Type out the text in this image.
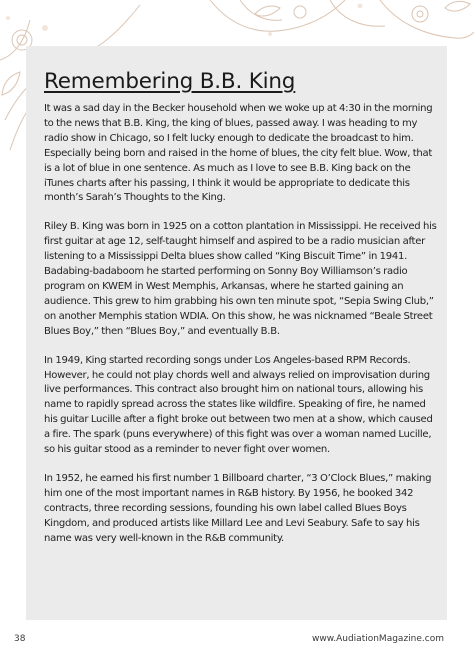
Remembering B.B. King

It was a sad day in the Becker household when we woke up at 4:30 in the morning to the news that B.B. King, the king of blues, passed away. I was heading to my radio show in Chicago, so I felt lucky enough to dedicate the broadcast to him. Especially being born and raised in the home of blues, the city felt blue. Wow, that is a lot of blue in one sentence. As much as I love to see B.B. King back on the iTunes charts after his passing, I think it would be appropriate to dedicate this month’s Sarah’s Thoughts to the King.

Riley B. King was born in 1925 on a cotton plantation in Mississippi. He received his first guitar at age 12, self-taught himself and aspired to be a radio musician after listening to a Mississippi Delta blues show called “King Biscuit Time” in 1941. Badabing-badaboom he started performing on Sonny Boy Williamson’s radio program on KWEM in West Memphis, Arkansas, where he started gaining an audience. This grew to him grabbing his own ten minute spot, “Sepia Swing Club,” on another Memphis station WDIA. On this show, he was nicknamed “Beale Street Blues Boy,” then “Blues Boy,” and eventually B.B.

In 1949, King started recording songs under Los Angeles-based RPM Records. However, he could not play chords well and always relied on improvisation during live performances. This contract also brought him on national tours, allowing his name to rapidly spread across the states like wildfire. Speaking of fire, he named his guitar Lucille after a fight broke out between two men at a show, which caused a fire. The spark (puns everywhere) of this fight was over a woman named Lucille, so his guitar stood as a reminder to never fight over women.

In 1952, he earned his first number 1 Billboard charter, “3 O’Clock Blues,” making him one of the most important names in R&B history. By 1956, he booked 342 contracts, three recording sessions, founding his own label called Blues Boys Kingdom, and produced artists like Millard Lee and Levi Seabury. Safe to say his name was very well-known in the R&B community.

38	www.AudiationMagazine.com
